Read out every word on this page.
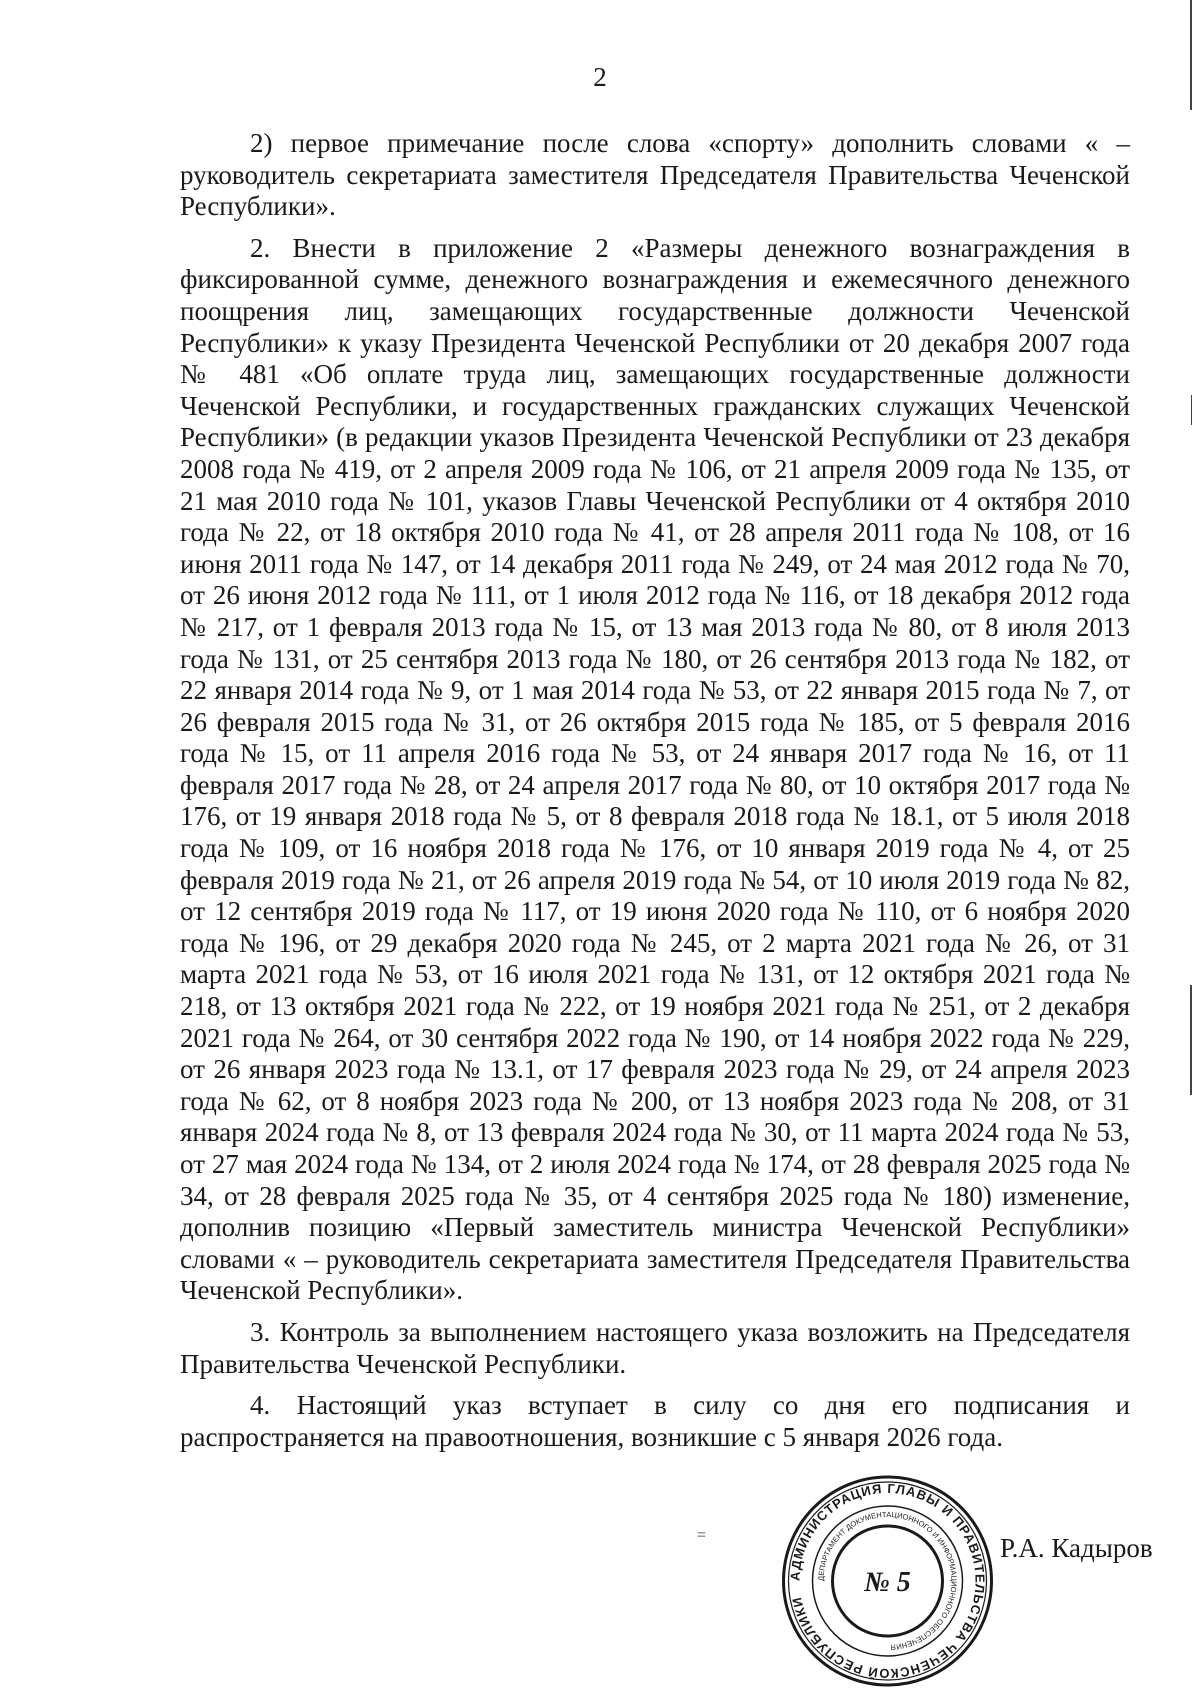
2

2) первое примечание после слова «спорту» дополнить словами « – руководитель секретариата заместителя Председателя Правительства Чеченской Республики».

2. Внести в приложение 2 «Размеры денежного вознаграждения в фиксированной сумме, денежного вознаграждения и ежемесячного денежного поощрения лиц, замещающих государственные должности Чеченской Республики» к указу Президента Чеченской Республики от 20 декабря 2007 года № 481 «Об оплате труда лиц, замещающих государственные должности Чеченской Республики, и государственных гражданских служащих Чеченской Республики» (в редакции указов Президента Чеченской Республики от 23 декабря 2008 года № 419, от 2 апреля 2009 года № 106, от 21 апреля 2009 года № 135, от 21 мая 2010 года № 101, указов Главы Чеченской Республики от 4 октября 2010 года № 22, от 18 октября 2010 года № 41, от 28 апреля 2011 года № 108, от 16 июня 2011 года № 147, от 14 декабря 2011 года № 249, от 24 мая 2012 года № 70, от 26 июня 2012 года № 111, от 1 июля 2012 года № 116, от 18 декабря 2012 года № 217, от 1 февраля 2013 года № 15, от 13 мая 2013 года № 80, от 8 июля 2013 года № 131, от 25 сентября 2013 года № 180, от 26 сентября 2013 года № 182, от 22 января 2014 года № 9, от 1 мая 2014 года № 53, от 22 января 2015 года № 7, от 26 февраля 2015 года № 31, от 26 октября 2015 года № 185, от 5 февраля 2016 года № 15, от 11 апреля 2016 года № 53, от 24 января 2017 года № 16, от 11 февраля 2017 года № 28, от 24 апреля 2017 года № 80, от 10 октября 2017 года № 176, от 19 января 2018 года № 5, от 8 февраля 2018 года № 18.1, от 5 июля 2018 года № 109, от 16 ноября 2018 года № 176, от 10 января 2019 года № 4, от 25 февраля 2019 года № 21, от 26 апреля 2019 года № 54, от 10 июля 2019 года № 82, от 12 сентября 2019 года № 117, от 19 июня 2020 года № 110, от 6 ноября 2020 года № 196, от 29 декабря 2020 года № 245, от 2 марта 2021 года № 26, от 31 марта 2021 года № 53, от 16 июля 2021 года № 131, от 12 октября 2021 года № 218, от 13 октября 2021 года № 222, от 19 ноября 2021 года № 251, от 2 декабря 2021 года № 264, от 30 сентября 2022 года № 190, от 14 ноября 2022 года № 229, от 26 января 2023 года № 13.1, от 17 февраля 2023 года № 29, от 24 апреля 2023 года № 62, от 8 ноября 2023 года № 200, от 13 ноября 2023 года № 208, от 31 января 2024 года № 8, от 13 февраля 2024 года № 30, от 11 марта 2024 года № 53, от 27 мая 2024 года № 134, от 2 июля 2024 года № 174, от 28 февраля 2025 года № 34, от 28 февраля 2025 года № 35, от 4 сентября 2025 года № 180) изменение, дополнив позицию «Первый заместитель министра Чеченской Республики» словами « – руководитель секретариата заместителя Председателя Правительства Чеченской Республики».

3. Контроль за выполнением настоящего указа возложить на Председателя Правительства Чеченской Республики.

4. Настоящий указ вступает в силу со дня его подписания и распространяется на правоотношения, возникшие с 5 января 2026 года.

=
АДМИНИСТРАЦИЯ ГЛАВЫ И ПРАВИТЕЛЬСТВА ЧЕЧЕНСКОЙ РЕСПУБЛИКИ
ДЕПАРТАМЕНТ ДОКУМЕНТАЦИОННОГО И ИНФОРМАЦИОННОГО ОБЕСПЕЧЕНИЯ
№ 5
Р.А. Кадыров
